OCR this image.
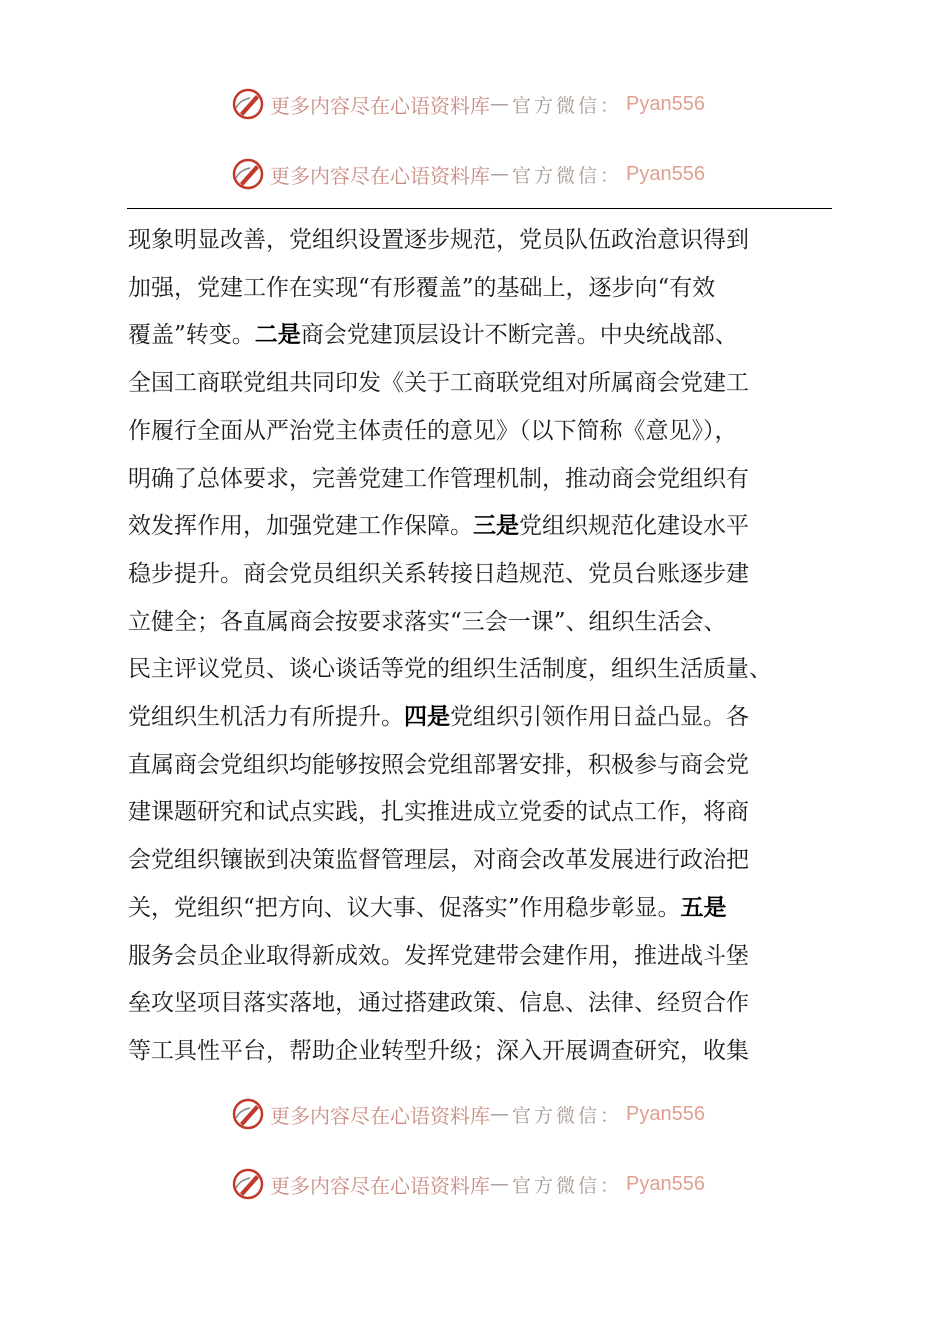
更多内容尽在心语资料库 — 官方微信： Pyan556
更多内容尽在心语资料库 — 官方微信： Pyan556
现象明显改善，党组织设置逐步规范，党员队伍政治意识得到
加强，党建工作在实现“有形覆盖”的基础上，逐步向“有效
覆盖”转变。二是商会党建顶层设计不断完善。中央统战部、
全国工商联党组共同印发《关于工商联党组对所属商会党建工
作履行全面从严治党主体责任的意见》（以下简称《意见》），
明确了总体要求，完善党建工作管理机制，推动商会党组织有
效发挥作用，加强党建工作保障。三是党组织规范化建设水平
稳步提升。商会党员组织关系转接日趋规范、党员台账逐步建
立健全；各直属商会按要求落实“三会一课”、组织生活会、
民主评议党员、谈心谈话等党的组织生活制度，组织生活质量、
党组织生机活力有所提升。四是党组织引领作用日益凸显。各
直属商会党组织均能够按照会党组部署安排，积极参与商会党
建课题研究和试点实践，扎实推进成立党委的试点工作，将商
会党组织镶嵌到决策监督管理层，对商会改革发展进行政治把
关，党组织“把方向、议大事、促落实”作用稳步彰显。五是
服务会员企业取得新成效。发挥党建带会建作用，推进战斗堡
垒攻坚项目落实落地，通过搭建政策、信息、法律、经贸合作
等工具性平台，帮助企业转型升级；深入开展调查研究，收集
更多内容尽在心语资料库 — 官方微信： Pyan556
更多内容尽在心语资料库 — 官方微信： Pyan556
